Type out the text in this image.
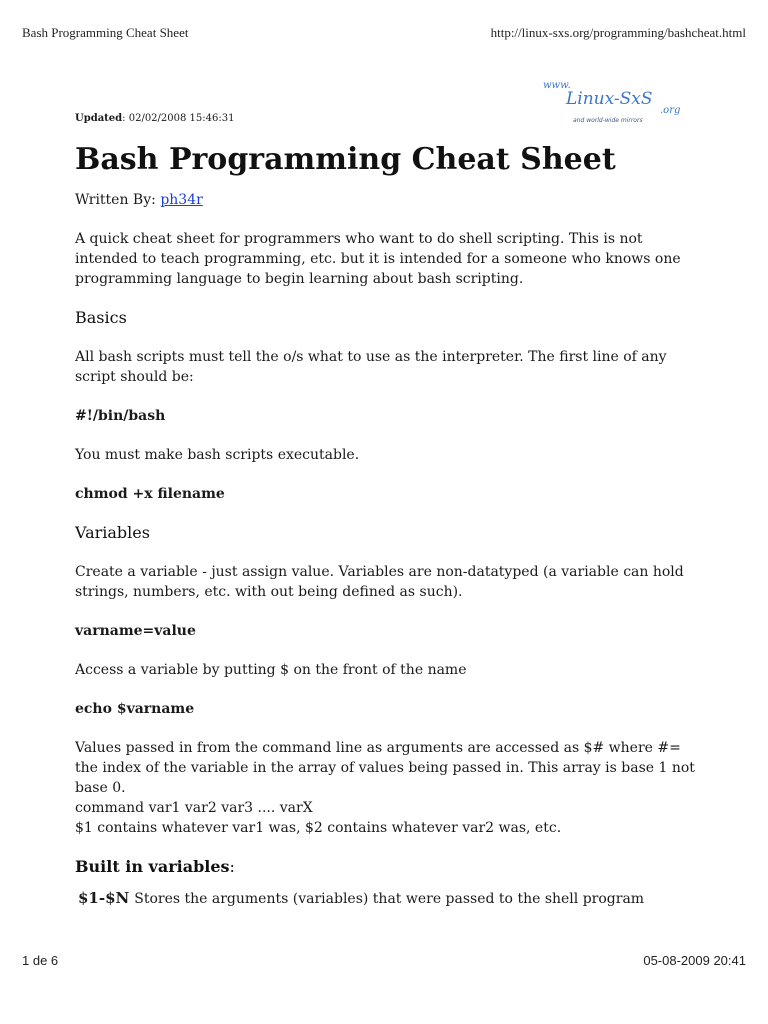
Bash Programming Cheat Sheet	http://linux-sxs.org/programming/bashcheat.html
www.
Linux-SxS
.org
and world-wide mirrors
Updated: 02/02/2008 15:46:31
Bash Programming Cheat Sheet

Written By: ph34r

A quick cheat sheet for programmers who want to do shell scripting. This is not intended to teach programming, etc. but it is intended for a someone who knows one programming language to begin learning about bash scripting.

Basics

All bash scripts must tell the o/s what to use as the interpreter. The first line of any script should be:

#!/bin/bash

You must make bash scripts executable.

chmod +x filename
Variables

Create a variable - just assign value. Variables are non-datatyped (a variable can hold strings, numbers, etc. with out being defined as such).

varname=value

Access a variable by putting $ on the front of the name

echo $varname

Values passed in from the command line as arguments are accessed as $# where #= the index of the variable in the array of values being passed in. This array is base 1 not base 0.
command var1 var2 var3 .... varX
$1 contains whatever var1 was, $2 contains whatever var2 was, etc.

Built in variables:
$1-$N Stores the arguments (variables) that were passed to the shell program
1 de 6	05-08-2009 20:41
